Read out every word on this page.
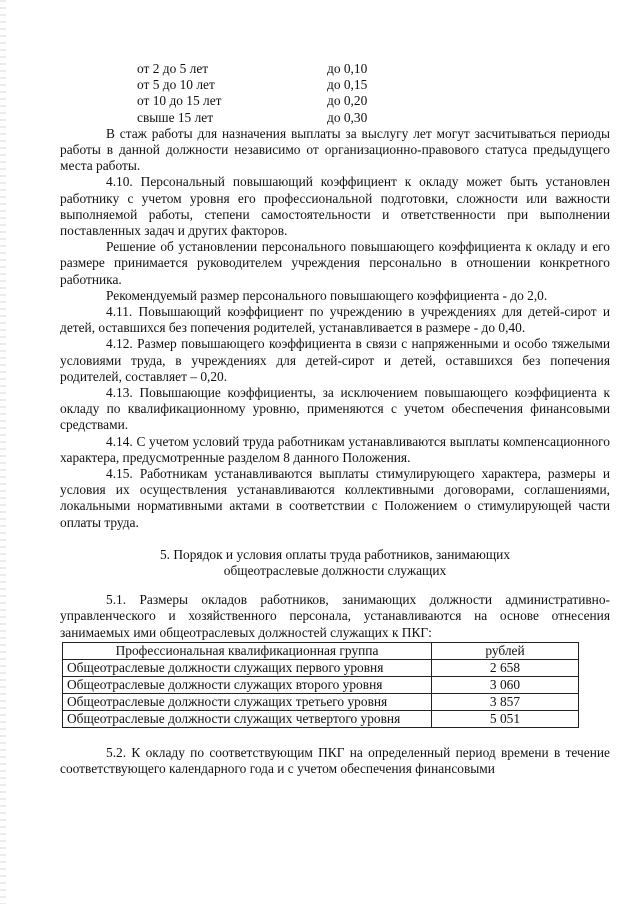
от 2 до 5 лет	до 0,10
от 5 до 10 лет	до 0,15
от 10 до 15 лет	до 0,20
свыше 15 лет	до 0,30

В стаж работы для назначения выплаты за выслугу лет могут засчитываться периоды работы в данной должности независимо от организационно-правового статуса предыдущего места работы.

4.10. Персональный повышающий коэффициент к окладу может быть установлен работнику с учетом уровня его профессиональной подготовки, сложности или важности выполняемой работы, степени самостоятельности и ответственности при выполнении поставленных задач и других факторов.

Решение об установлении персонального повышающего коэффициента к окладу и его размере принимается руководителем учреждения персонально в отношении конкретного работника.

Рекомендуемый размер персонального повышающего коэффициента - до 2,0.

4.11. Повышающий коэффициент по учреждению в учреждениях для детей-сирот и детей, оставшихся без попечения родителей, устанавливается в размере - до 0,40.

4.12. Размер повышающего коэффициента в связи с напряженными и особо тяжелыми условиями труда, в учреждениях для детей-сирот и детей, оставшихся без попечения родителей, составляет – 0,20.

4.13. Повышающие коэффициенты, за исключением повышающего коэффициента к окладу по квалификационному уровню, применяются с учетом обеспечения финансовыми средствами.

4.14. С учетом условий труда работникам устанавливаются выплаты компенсационного характера, предусмотренные разделом 8 данного Положения.

4.15. Работникам устанавливаются выплаты стимулирующего характера, размеры и условия их осуществления устанавливаются коллективными договорами, соглашениями, локальными нормативными актами в соответствии с Положением о стимулирующей части оплаты труда.

5. Порядок и условия оплаты труда работников, занимающих
общеотраслевые должности служащих

5.1. Размеры окладов работников, занимающих должности административно-управленческого и хозяйственного персонала, устанавливаются на основе отнесения занимаемых ими общеотраслевых должностей служащих к ПКГ:

Профессиональная квалификационная группа	рублей
Общеотраслевые должности служащих первого уровня	2 658
Общеотраслевые должности служащих второго уровня	3 060
Общеотраслевые должности служащих третьего уровня	3 857
Общеотраслевые должности служащих четвертого уровня	5 051

5.2. К окладу по соответствующим ПКГ на определенный период времени в течение соответствующего календарного года и с учетом обеспечения финансовыми
